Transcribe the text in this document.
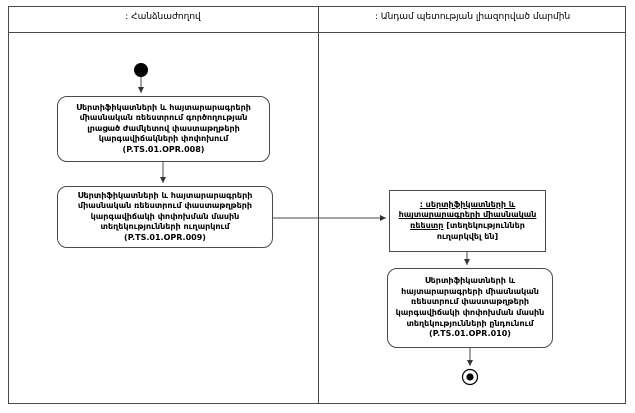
: Հանձնաժողով	: Անդամ պետության լիազորված մարմին
Սերտիֆիկատների և հայտարարագրերի միասնական ռեեստրում գործողության լրացած ժամկետով փաստաթղթերի կարգավիճակների փոփոխում (P.TS.01.OPR.008)
Սերտիֆիկատների և հայտարարագրերի միասնական ռեեստրում փաստաթղթերի կարգավիճակի փոփոխման մասին տեղեկությունների ուղարկում (P.TS.01.OPR.009)
: սերտիֆիկատների և հայտարարագրերի միասնական ռեեստր [տեղեկություններ ուղարկվել են]
Սերտիֆիկատների և հայտարարագրերի միասնական ռեեստրում փաստաթղթերի կարգավիճակի փոփոխման մասին տեղեկությունների ընդունում (P.TS.01.OPR.010)
